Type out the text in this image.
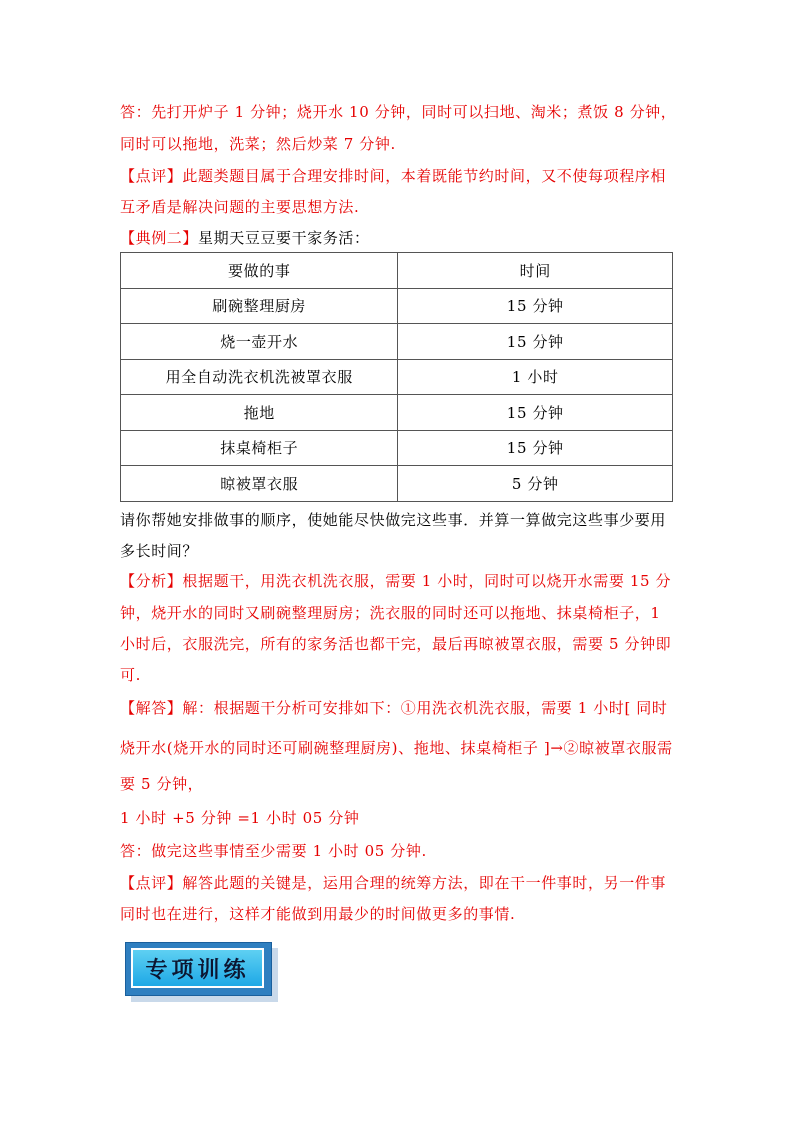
答：先打开炉子 1 分钟；烧开水 10 分钟，同时可以扫地、淘米；煮饭 8 分钟，
同时可以拖地，洗菜；然后炒菜 7 分钟.
【点评】此题类题目属于合理安排时间，本着既能节约时间，又不使每项程序相
互矛盾是解决问题的主要思想方法.
【典例二】星期天豆豆要干家务活：
要做的事	时间
刷碗整理厨房	15 分钟
烧一壶开水	15 分钟
用全自动洗衣机洗被罩衣服	1 小时
拖地	15 分钟
抹桌椅柜子	15 分钟
晾被罩衣服	5 分钟
请你帮她安排做事的顺序，使她能尽快做完这些事．并算一算做完这些事少要用
多长时间？
【分析】根据题干，用洗衣机洗衣服，需要 1 小时，同时可以烧开水需要 15 分
钟，烧开水的同时又刷碗整理厨房；洗衣服的同时还可以拖地、抹桌椅柜子，1
小时后，衣服洗完，所有的家务活也都干完，最后再晾被罩衣服，需要 5 分钟即
可.
【解答】解：根据题干分析可安排如下：①用洗衣机洗衣服，需要 1 小时[ 同时
烧开水(烧开水的同时还可刷碗整理厨房)、拖地、抹桌椅柜子 ]→②晾被罩衣服需
要 5 分钟，
1 小时 +5 分钟 =1 小时 05 分钟
答：做完这些事情至少需要 1 小时 05 分钟.
【点评】解答此题的关键是，运用合理的统筹方法，即在干一件事时，另一件事
同时也在进行，这样才能做到用最少的时间做更多的事情.
专项训练
